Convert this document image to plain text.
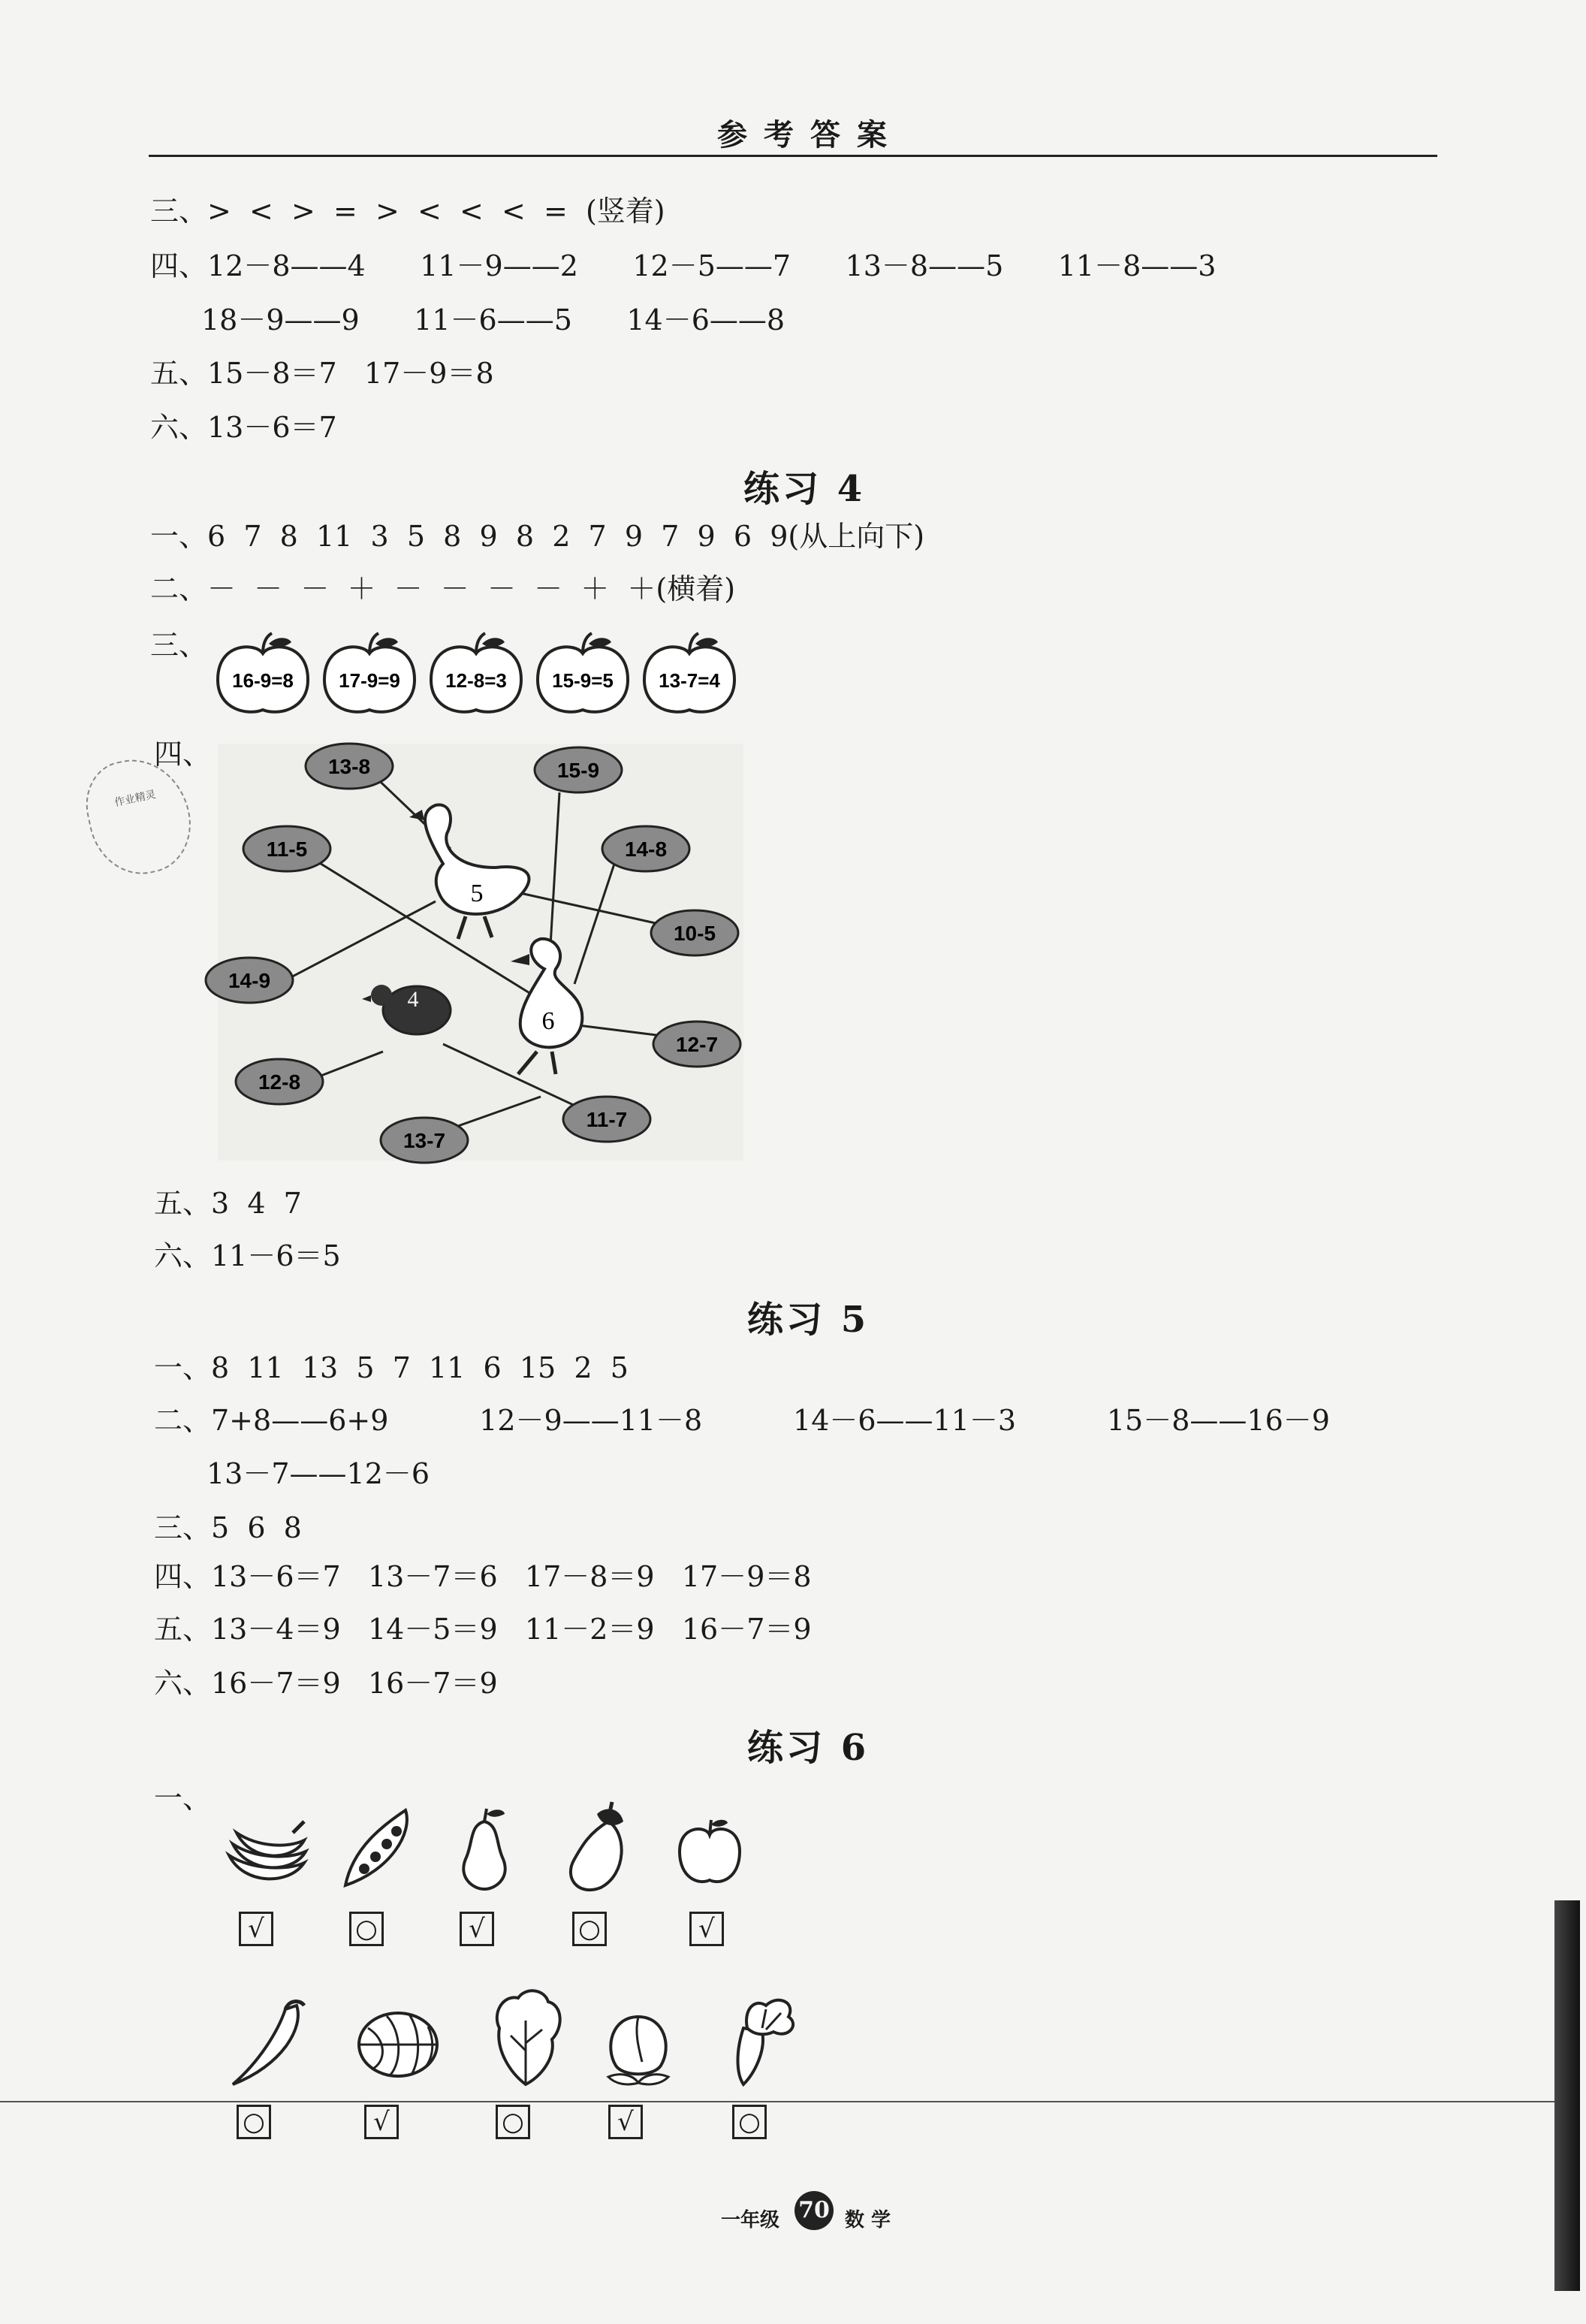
参考答案
三、>  <  >  =  >  <  <  <  =  (竖着)
四、12－8——4      11－9——2      12－5——7      13－8——5      11－8——3
18－9——9      11－6——5      14－6——8
五、15－8＝7   17－9＝8
六、13－6＝7
练习 4
一、6  7  8  11  3  5  8  9  8  2  7  9  7  9  6  9(从上向下)
二、－  －  －  ＋  －  －  －  －  ＋  ＋(横着)
三、
16-9=8 17-9=9 12-8=3 15-9=5 13-7=4
四、
作业精灵
5
6
4
13-8	15-9
11-5	14-8
10-5
14-9
12-7
12-8
11-7
13-7
五、3  4  7
六、11－6＝5
练习 5
一、8  11  13  5  7  11  6  15  2  5
二、7+8——6+9          12－9——11－8          14－6——11－3          15－8——16－9
13－7——12－6
三、5  6  8
四、13－6＝7   13－7＝6   17－8＝9   17－9＝8
五、13－4＝9   14－5＝9   11－2＝9   16－7＝9
六、16－7＝9   16－7＝9
练习 6
一、
√	○	√	○	√
○	√	○	√	○
一年级 70 数 学
